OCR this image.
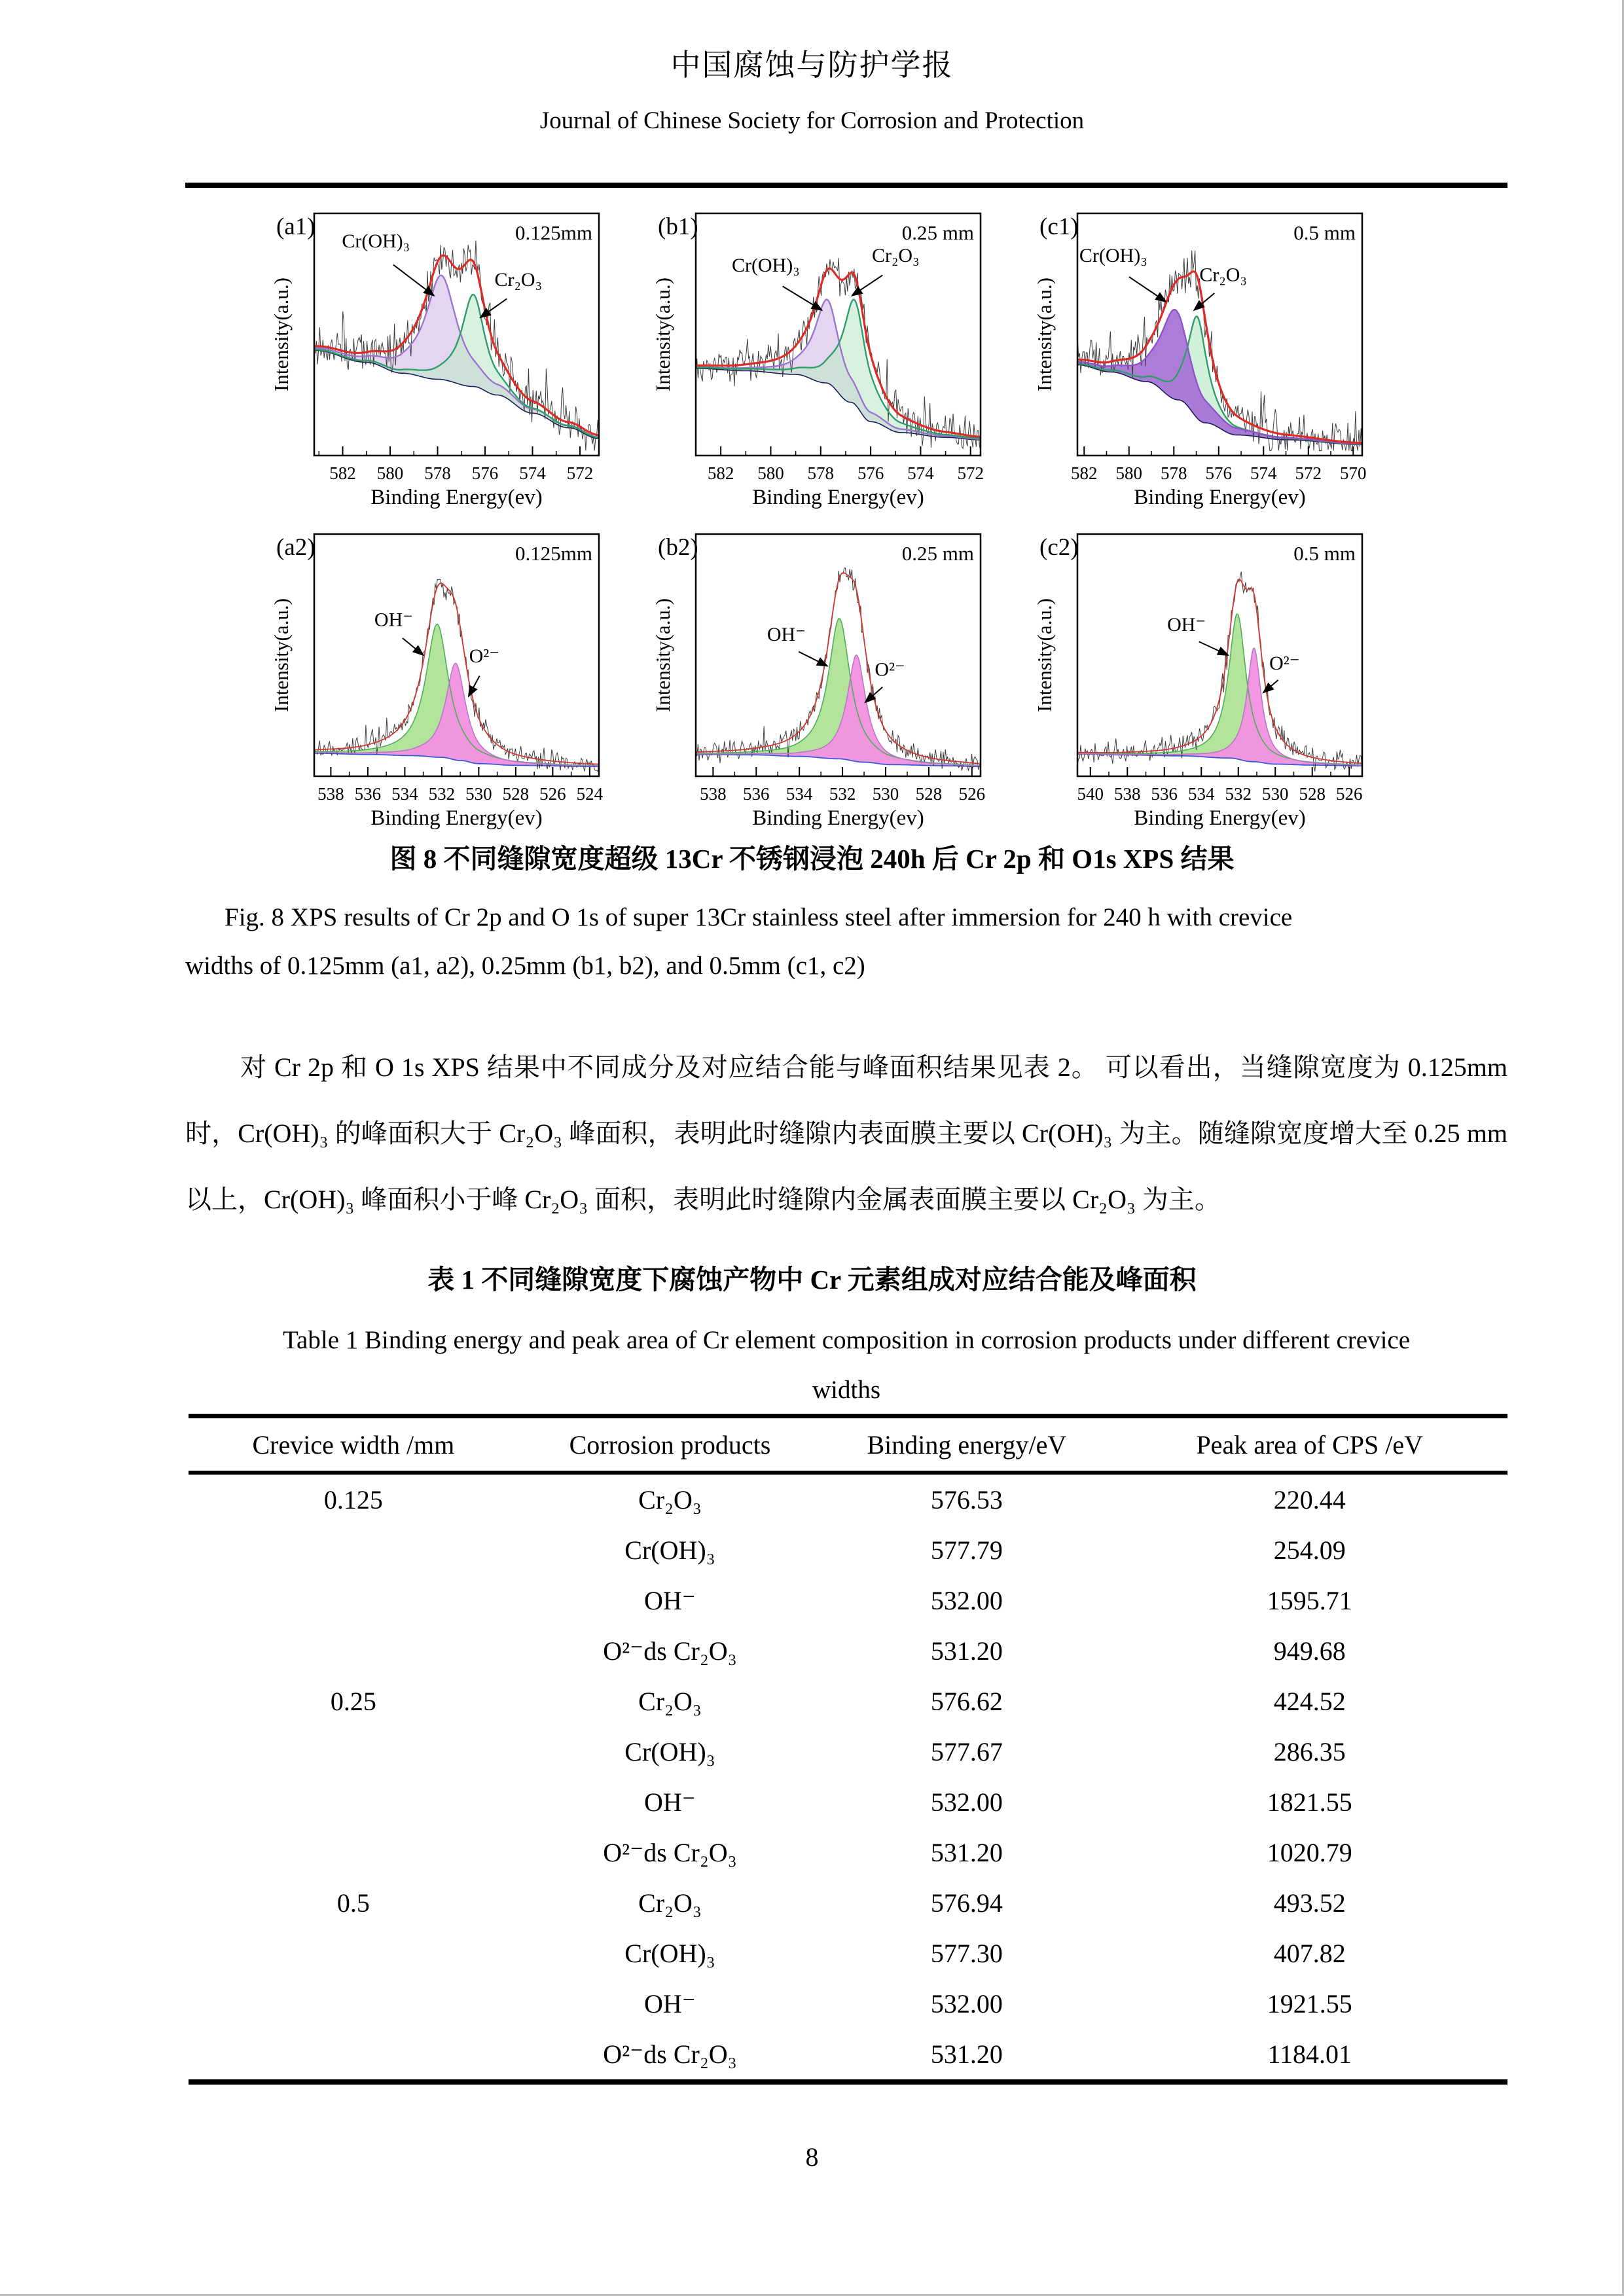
中国腐蚀与防护学报
Journal of Chinese Society for Corrosion and Protection
582 580 578 576 574 572
Binding Energy(ev)
Intensity(a.u.)
(a1)	0.125mm
Cr(OH)₃
Cr₂O₃
582 580 578 576 574 572
Binding Energy(ev)
Intensity(a.u.)
(b1)	0.25 mm
Cr(OH)₃	Cr₂O₃
582 580 578 576 574 572 570
Binding Energy(ev)
Intensity(a.u.)
(c1)	0.5 mm
Cr(OH)₃
Cr₂O₃
538 536 534 532 530 528 526 524
Binding Energy(ev)
Intensity(a.u.)
(a2)	0.125mm
OH⁻
O²⁻
538 536 534 532 530 528 526
Binding Energy(ev)
Intensity(a.u.)
(b2)	0.25 mm
OH⁻
O²⁻
540 538 536 534 532 530 528 526
Binding Energy(ev)
Intensity(a.u.)
(c2)	0.5 mm
OH⁻
O²⁻
图 8 不同缝隙宽度超级 13Cr 不锈钢浸泡 240h 后 Cr 2p 和 O1s XPS 结果
Fig. 8 XPS results of Cr 2p and O 1s of super 13Cr stainless steel after immersion for 240 h with crevice
widths of 0.125mm (a1, a2), 0.25mm (b1, b2), and 0.5mm (c1, c2)
对 Cr 2p 和 O 1s XPS 结果中不同成分及对应结合能与峰面积结果见表 2。 可以看出，当缝隙宽度为 0.125mm 时，Cr(OH)₃ 的峰面积大于 Cr₂O₃ 峰面积，表明此时缝隙内表面膜主要以 Cr(OH)₃ 为主。随缝隙宽度增大至 0.25 mm 以上，Cr(OH)₃ 峰面积小于峰 Cr₂O₃ 面积，表明此时缝隙内金属表面膜主要以 Cr₂O₃ 为主。
表 1 不同缝隙宽度下腐蚀产物中 Cr 元素组成对应结合能及峰面积
Table 1 Binding energy and peak area of Cr element composition in corrosion products under different crevice
widths
Crevice width /mm	Corrosion products	Binding energy/eV	Peak area of CPS /eV
0.125	Cr₂O₃	576.53	220.44
	Cr(OH)₃	577.79	254.09
	OH⁻	532.00	1595.71
	O²⁻ds Cr₂O₃	531.20	949.68
0.25	Cr₂O₃	576.62	424.52
	Cr(OH)₃	577.67	286.35
	OH⁻	532.00	1821.55
	O²⁻ds Cr₂O₃	531.20	1020.79
0.5	Cr₂O₃	576.94	493.52
	Cr(OH)₃	577.30	407.82
	OH⁻	532.00	1921.55
	O²⁻ds Cr₂O₃	531.20	1184.01
8
